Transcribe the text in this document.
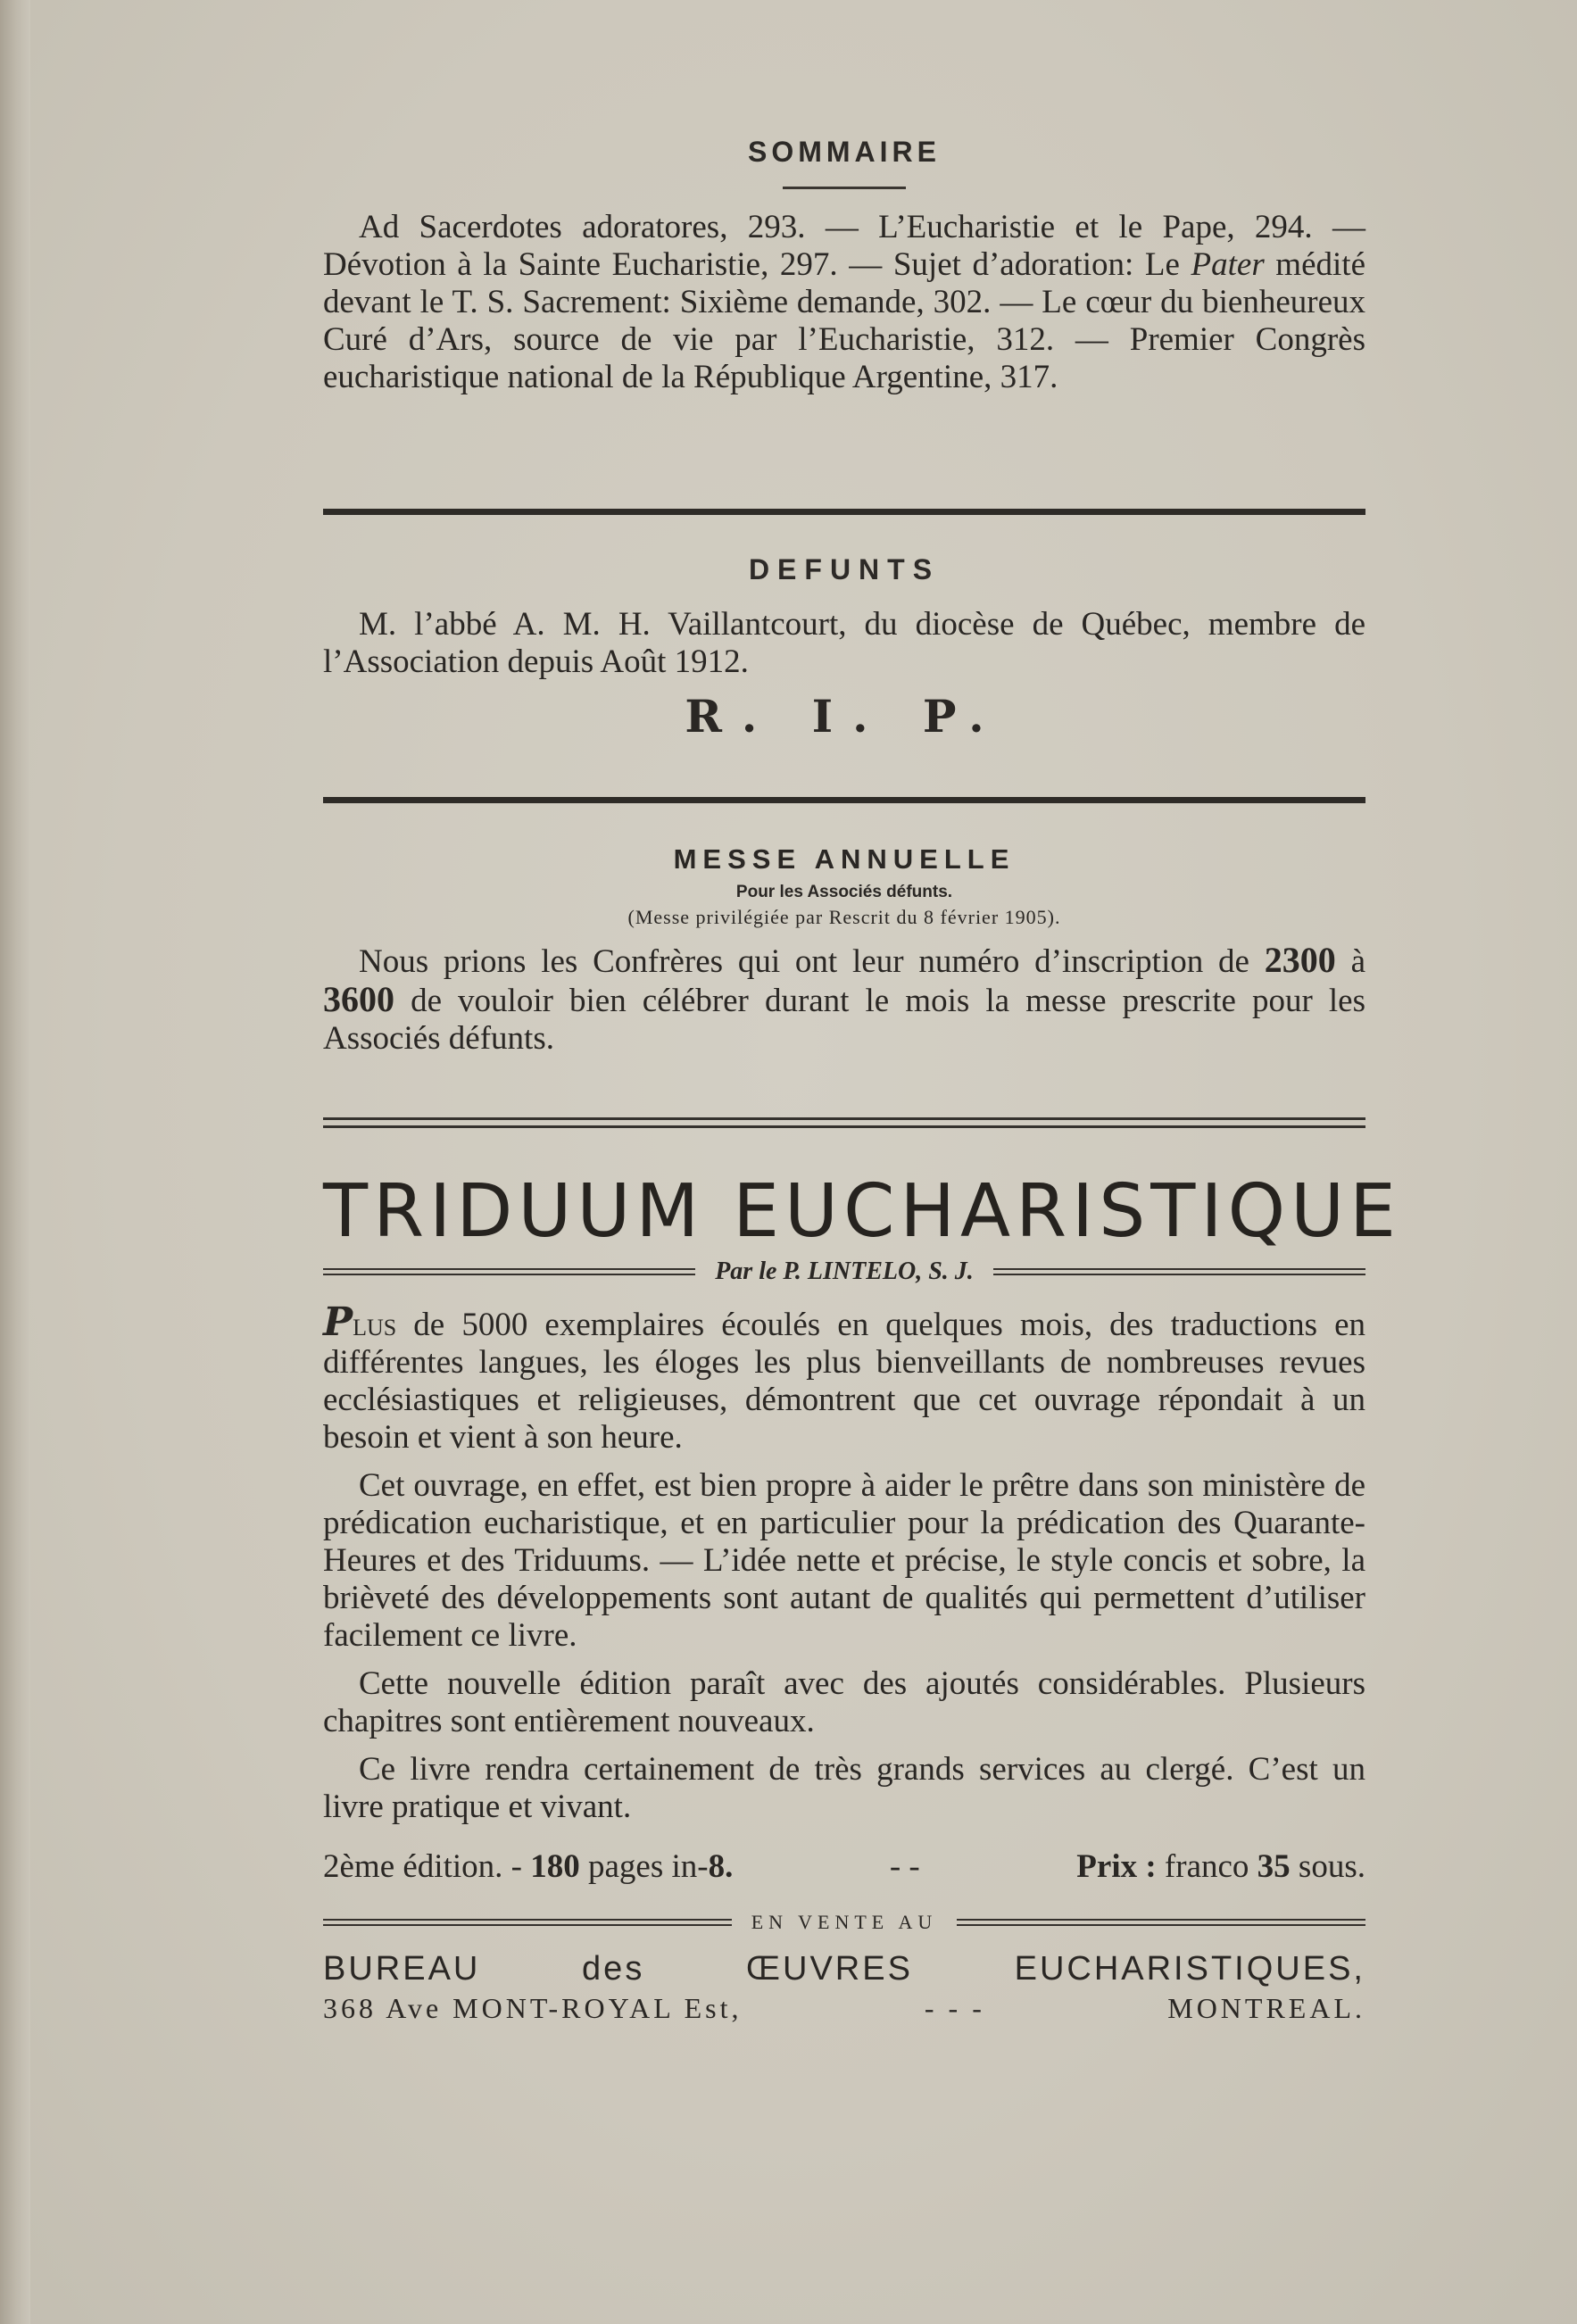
SOMMAIRE

Ad Sacerdotes adoratores, 293. — L’Eucharistie et le Pape, 294. — Dévotion à la Sainte Eucharistie, 297. — Sujet d’adoration: Le Pater médité devant le T. S. Sacrement: Sixième demande, 302. — Le cœur du bienheureux Curé d’Ars, source de vie par l’Eucharistie, 312. — Premier Congrès eucharistique national de la République Argentine, 317.

DEFUNTS

M. l’abbé A. M. H. Vaillantcourt, du diocèse de Québec, membre de l’Association depuis Août 1912.

R. I. P.
MESSE ANNUELLE
Pour les Associés défunts.
(Messe privilégiée par Rescrit du 8 février 1905).

Nous prions les Confrères qui ont leur numéro d’inscription de 2300 à 3600 de vouloir bien célébrer durant le mois la messe prescrite pour les Associés défunts.

TRIDUUM EUCHARISTIQUE
Par le P. LINTELO, S. J.

Plus de 5000 exemplaires écoulés en quelques mois, des traductions en différentes langues, les éloges les plus bienveillants de nombreuses revues ecclésiastiques et religieuses, démontrent que cet ouvrage répondait à un besoin et vient à son heure.

Cet ouvrage, en effet, est bien propre à aider le prêtre dans son ministère de prédication eucharistique, et en particulier pour la prédication des Quarante-Heures et des Triduums. — L’idée nette et précise, le style concis et sobre, la brièveté des développements sont autant de qualités qui permettent d’utiliser facilement ce livre.

Cette nouvelle édition paraît avec des ajoutés considérables. Plusieurs chapitres sont entièrement nouveaux.

Ce livre rendra certainement de très grands services au clergé. C’est un livre pratique et vivant.

2ème édition. - 180 pages in-8.	- -	Prix : franco 35 sous.
EN VENTE AU
BUREAU	des	ŒUVRES	EUCHARISTIQUES,
368 Ave MONT-ROYAL Est,	- - -	MONTREAL.
